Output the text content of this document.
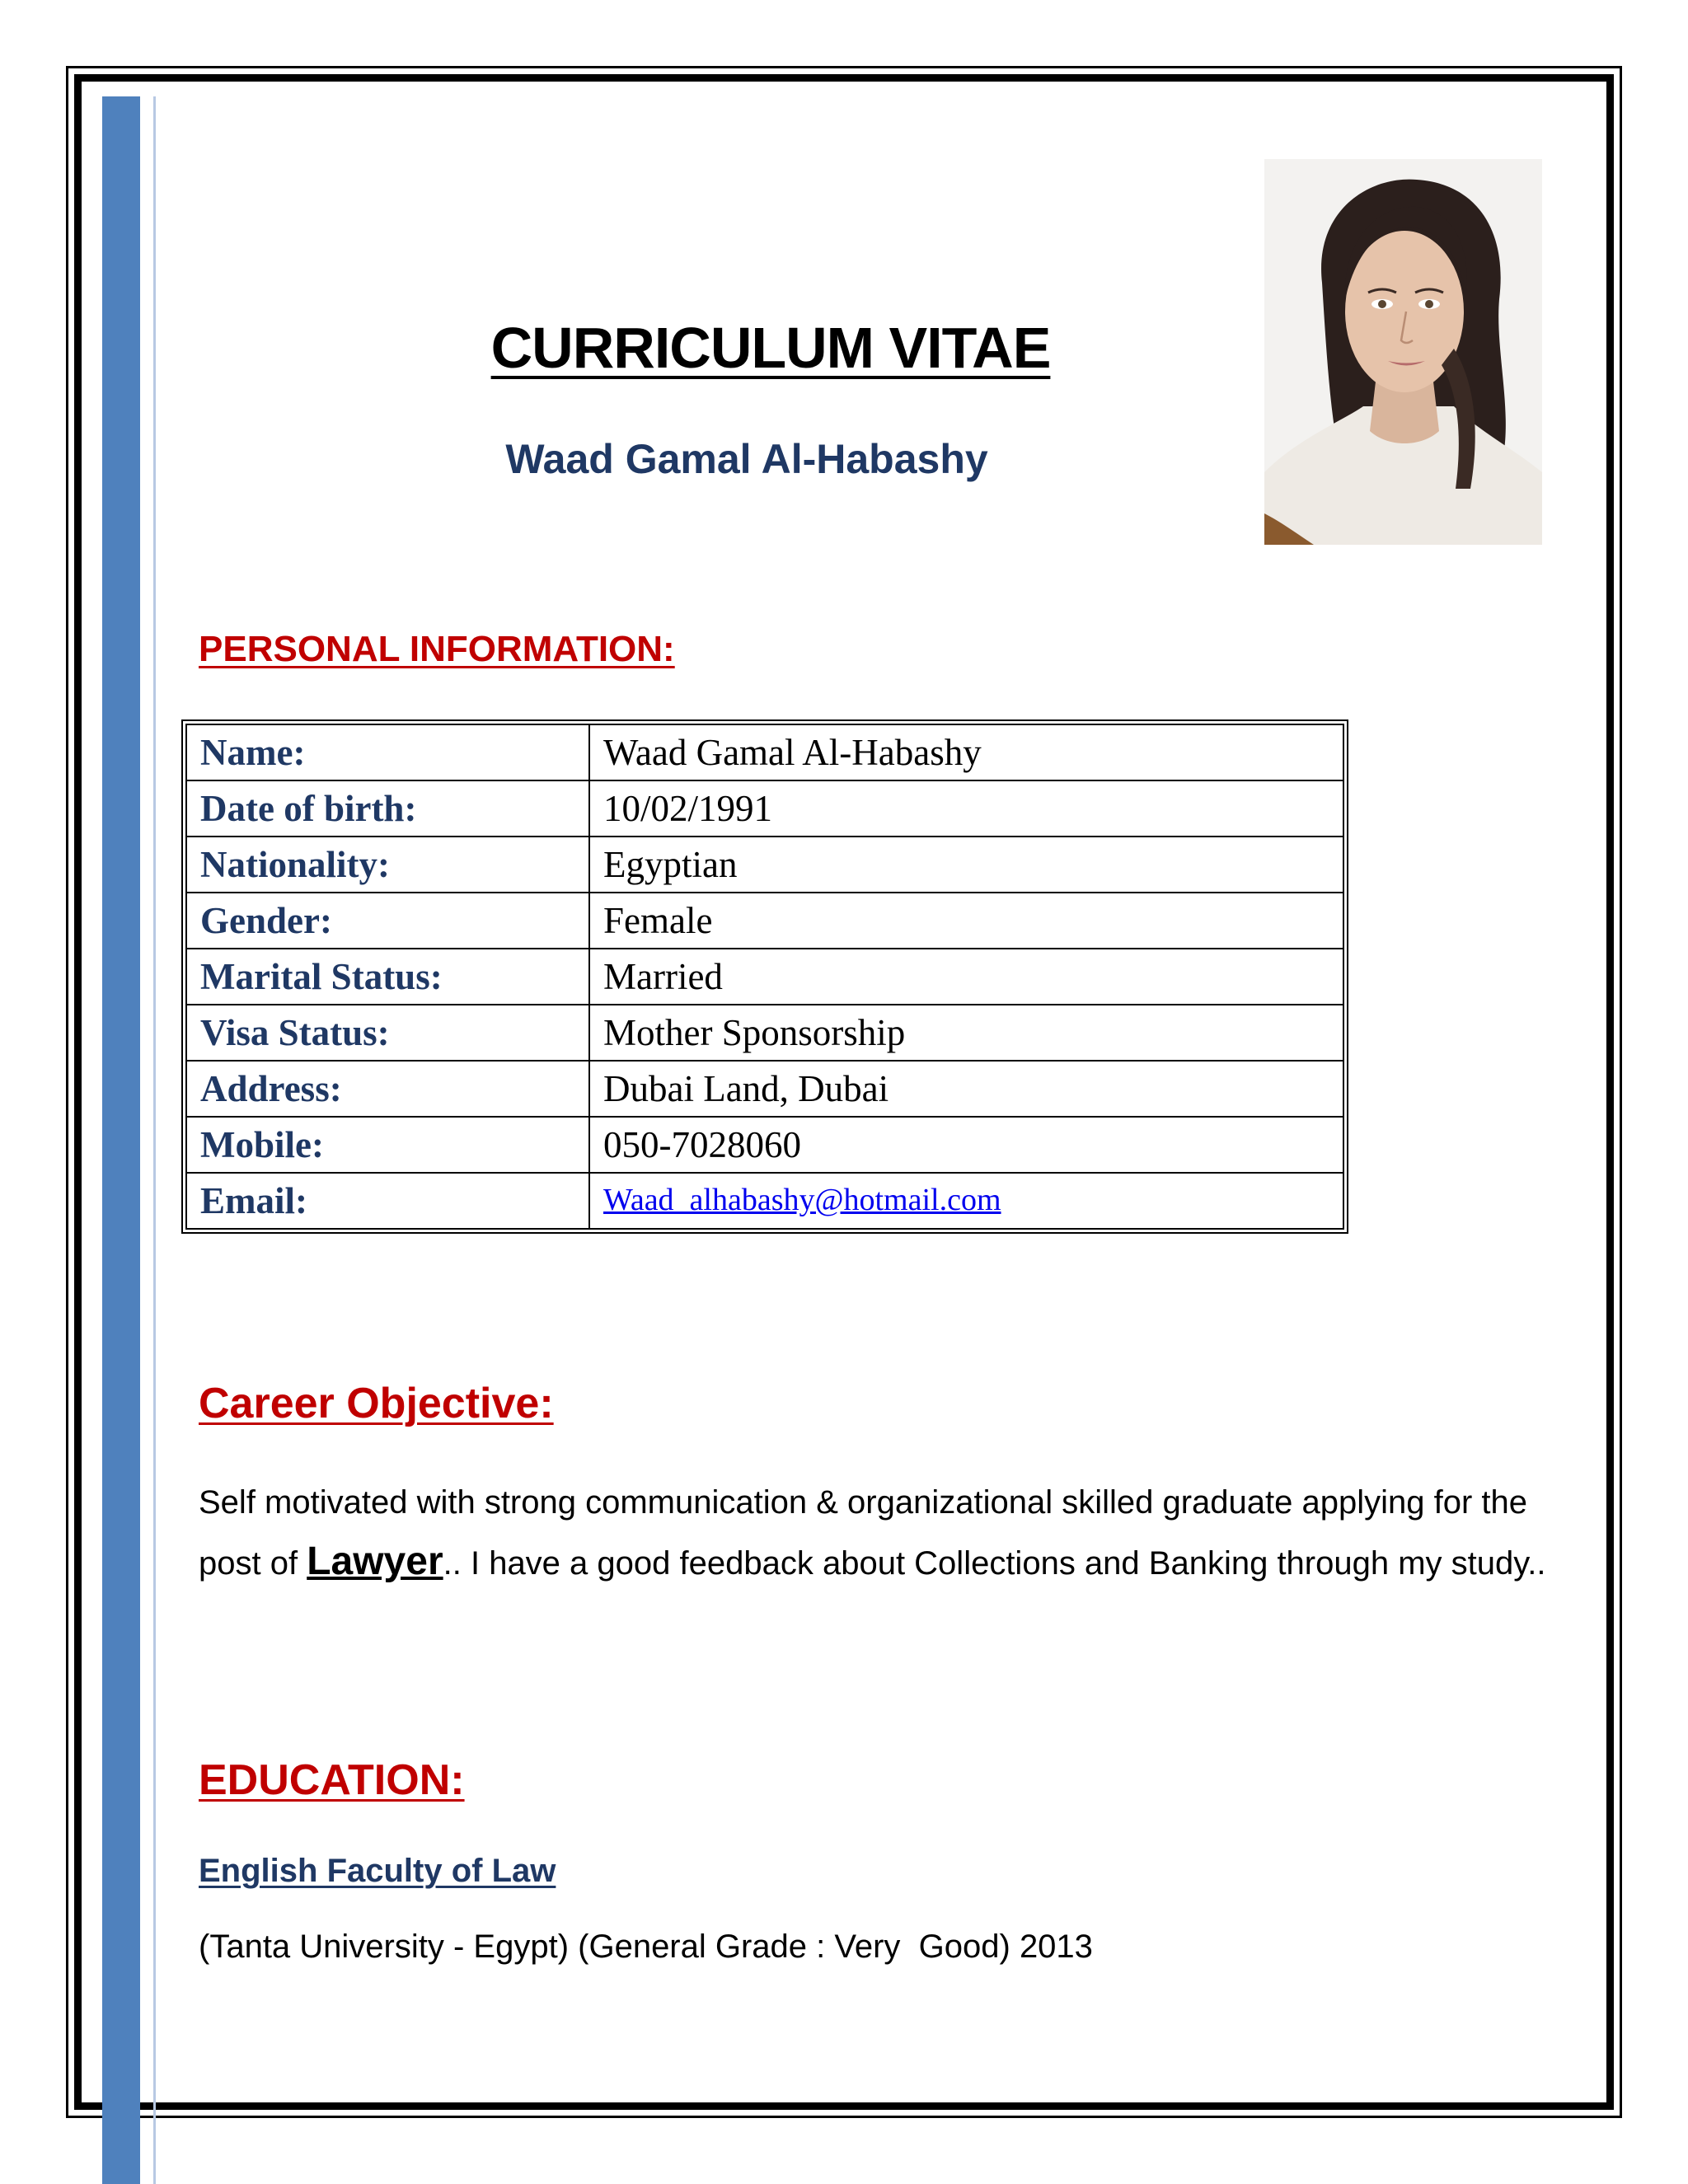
CURRICULUM VITAE
Waad Gamal Al-Habashy
PERSONAL INFORMATION:
Name:	Waad Gamal Al-Habashy
Date of birth:	10/02/1991
Nationality:	Egyptian
Gender:	Female
Marital Status:	Married
Visa Status:	Mother Sponsorship
Address:	Dubai Land, Dubai
Mobile:	050-7028060
Email:	Waad_alhabashy@hotmail.com
Career Objective:
Self motivated with strong communication & organizational skilled graduate applying for the post of Lawyer.. I have a good feedback about Collections and Banking through my study..
EDUCATION:
English Faculty of Law
(Tanta University - Egypt) (General Grade : Very  Good) 2013
